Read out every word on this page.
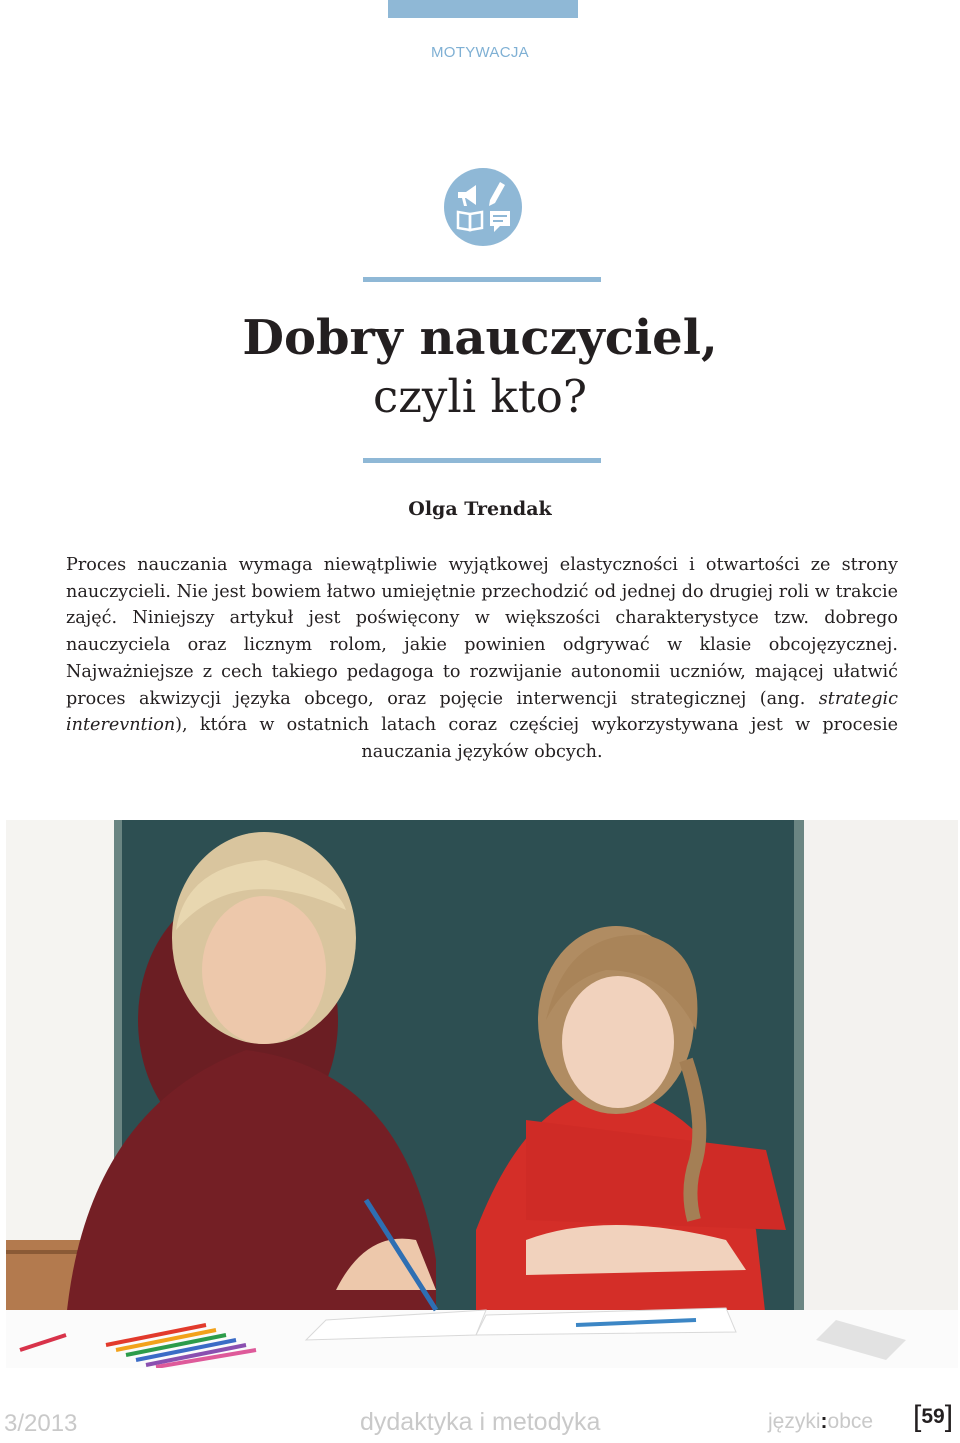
MOTYWACJA
Dobry nauczyciel,
czyli kto?
Olga Trendak

Proces nauczania wymaga niewątpliwie wyjątkowej elastyczności i otwartości ze strony nauczycieli. Nie jest bowiem łatwo umiejętnie przechodzić od jednej do drugiej roli w trakcie zajęć. Niniejszy artykuł jest poświęcony w większości charakterystyce tzw. dobrego nauczyciela oraz licznym rolom, jakie powinien odgrywać w klasie obcojęzycznej. Najważniejsze z cech takiego pedagoga to rozwijanie autonomii uczniów, mającej ułatwić proces akwizycji języka obcego, oraz pojęcie interwencji strategicznej (ang. strategic interevntion), która w ostatnich latach coraz częściej wykorzystywana jest w procesie nauczania języków obcych.

3/2013	dydaktyka i metodyka	języki:obce [59]
